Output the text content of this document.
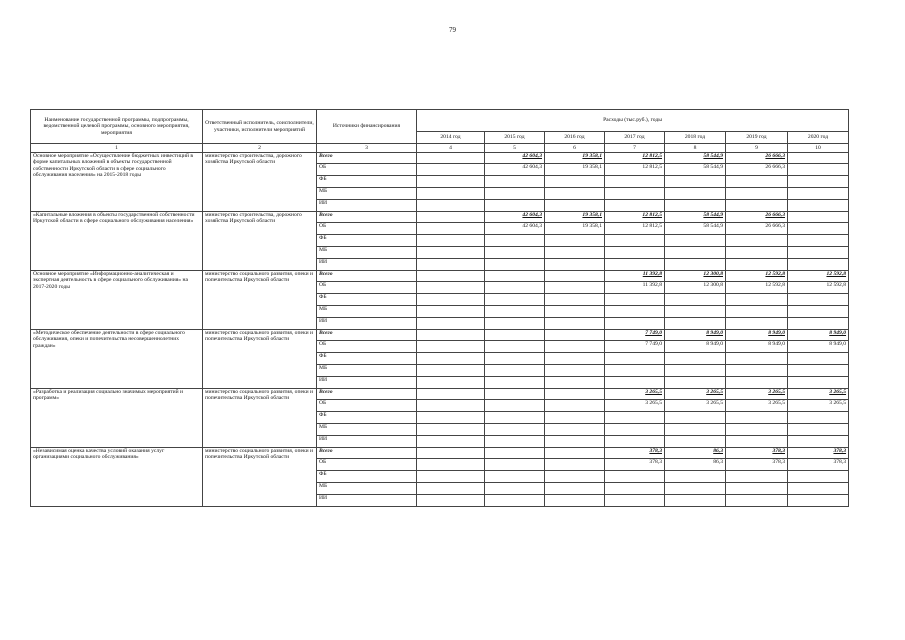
79
Наименование государственной программы, подпрограммы, ведомственной целевой программы, основного мероприятия, мероприятия	Ответственный исполнитель, соисполнители, участники, исполнители мероприятий	Источники финансирования	Расходы (тыс.руб.), годы						
			2014 год	2015 год	2016 год	2017 год	2018 год	2019 год	2020 год
1	2	3	4	5	6	7	8	9	10
Основное мероприятие «Осуществление бюджетных инвестиций в форме капитальных вложений в объекты государственной собственности Иркутской области в сфере социального обслуживания населения» на 2015-2018 годы	министерство строительства, дорожного хозяйства Иркутской области	Всего		42 604,3	19 358,1	12 812,5	58 544,9	26 666,3	
		ОБ		42 604,3	19 358,1	12 812,5	58 544,9	26 666,3	
		ФБ							
		МБ							
		ИИ							
«Капитальные вложения в объекты государственной собственности Иркутской области в сфере социального обслуживания населения»	министерство строительства, дорожного хозяйства Иркутской области	Всего		42 604,3	19 358,1	12 812,5	58 544,9	26 666,3	
		ОБ		42 604,3	19 358,1	12 812,5	58 544,9	26 666,3	
		ФБ							
		МБ							
		ИИ							
Основное мероприятие «Информационно-аналитическая и экспертная деятельность в сфере социального обслуживания» на 2017-2020 годы	министерство социального развития, опеки и попечительства Иркутской области	Всего				11 392,8	12 300,8	12 592,8	12 592,8
		ОБ				11 392,8	12 300,8	12 592,8	12 592,8
		ФБ							
		МБ							
		ИИ							
«Методическое обеспечение деятельности в сфере социального обслуживания, опеки и попечительства несовершеннолетних граждан»	министерство социального развития, опеки и попечительства Иркутской области	Всего				7 749,0	8 949,0	8 949,0	8 949,0
		ОБ				7 749,0	8 949,0	8 949,0	8 949,0
		ФБ							
		МБ							
		ИИ							
«Разработка и реализация социально значимых мероприятий и программ»	министерство социального развития, опеки и попечительства Иркутской области	Всего				3 265,5	3 265,5	3 265,5	3 265,5
		ОБ				3 265,5	3 265,5	3 265,5	3 265,5
		ФБ							
		МБ							
		ИИ							
«Независимая оценка качества условий оказания услуг организациями социального обслуживания»	министерство социального развития, опеки и попечительства Иркутской области	Всего				378,3	86,3	378,3	378,3
		ОБ				378,3	86,3	378,3	378,3
		ФБ							
		МБ							
		ИИ							
